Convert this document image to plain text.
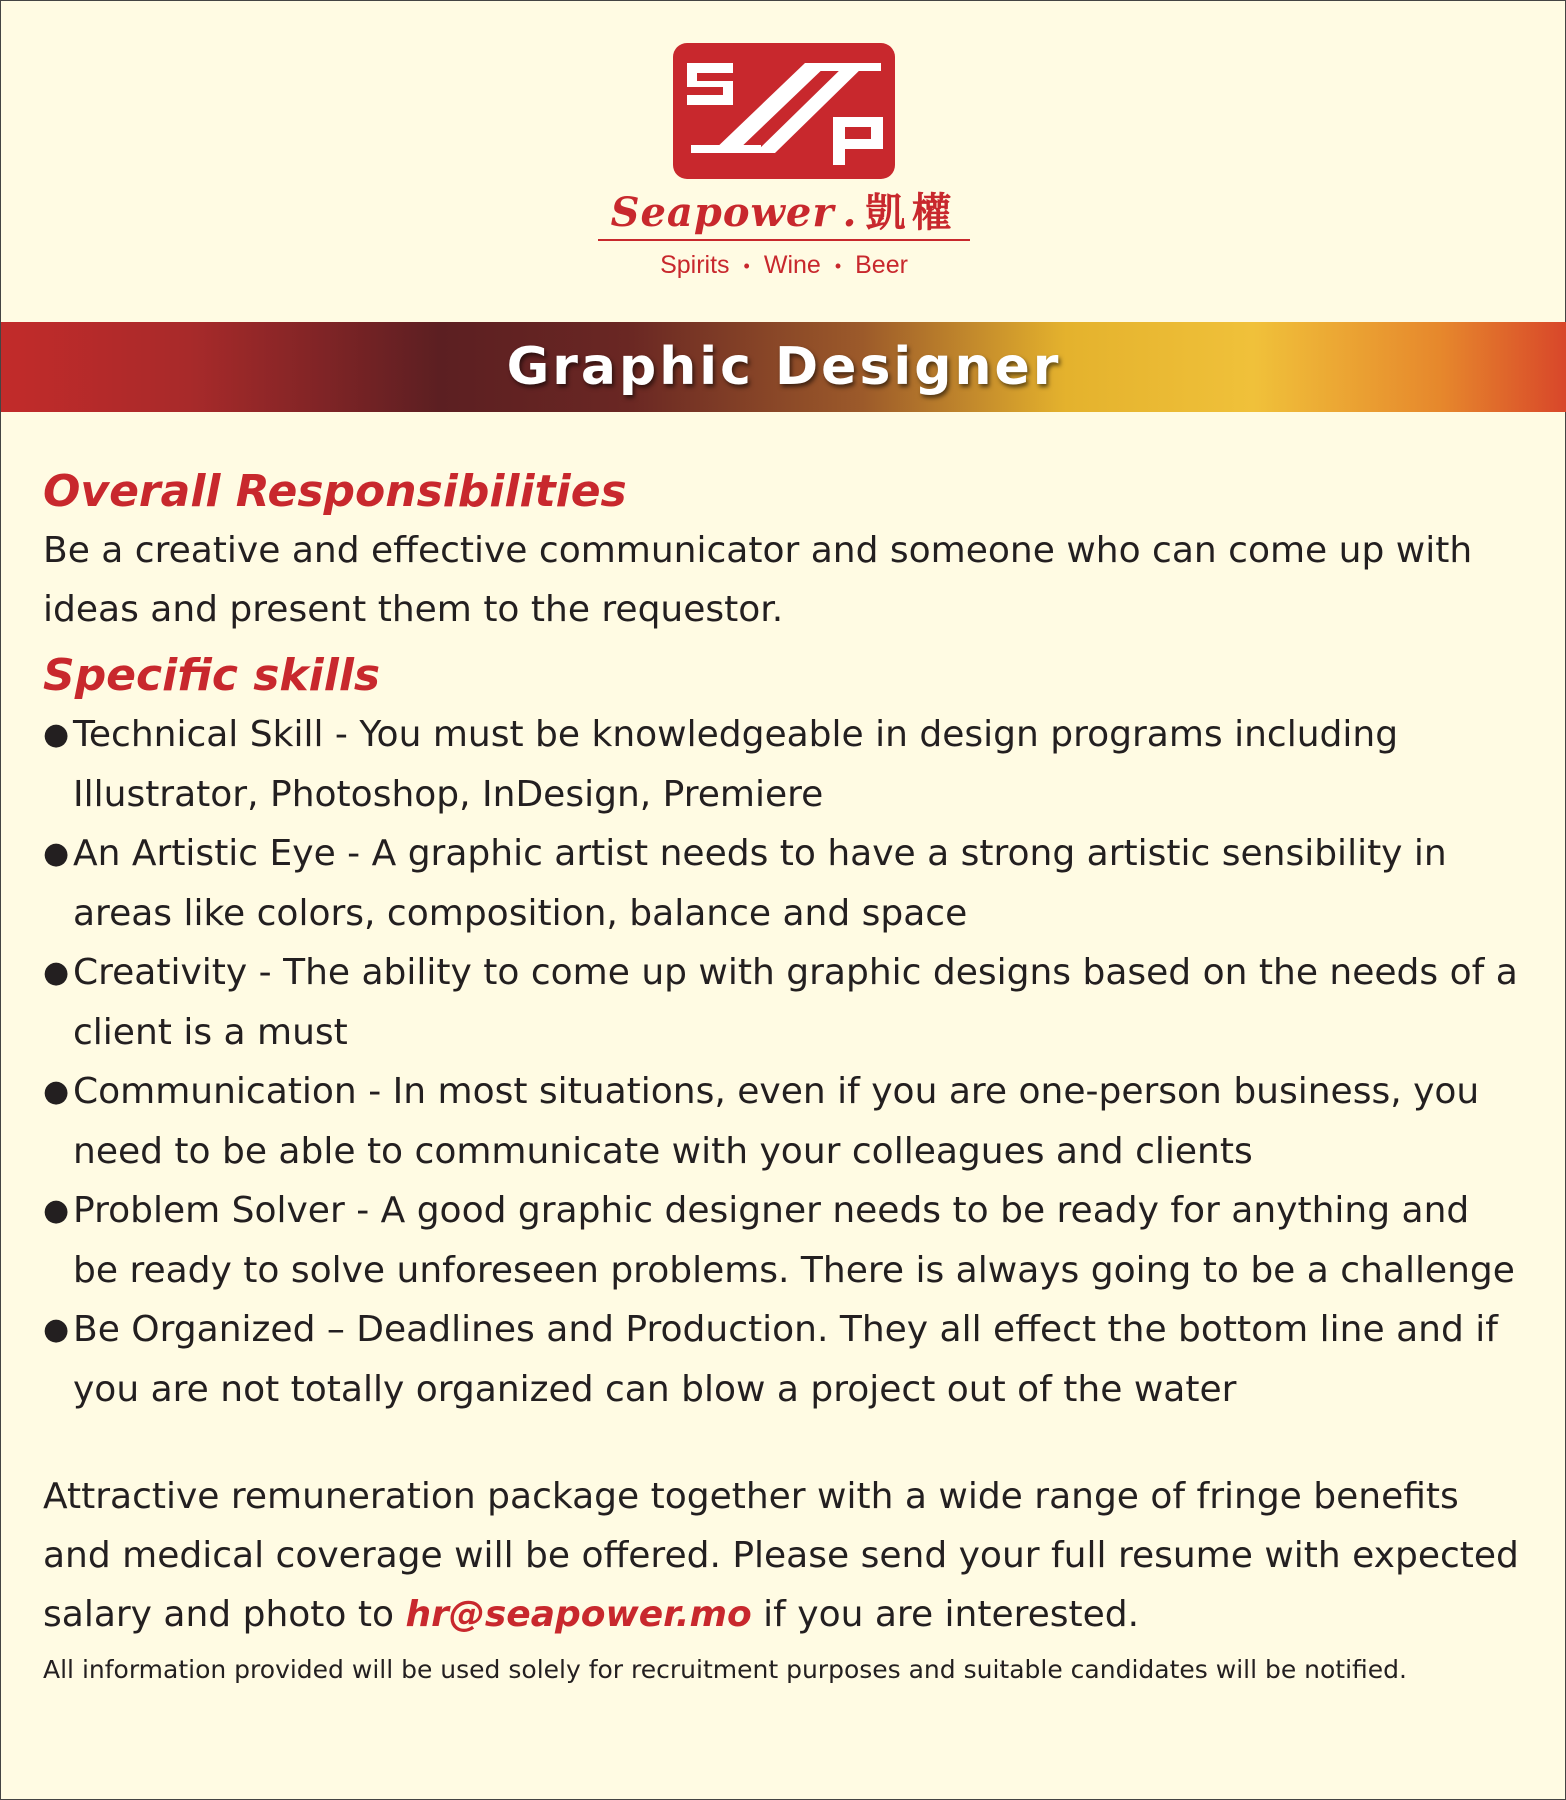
Seapower . 凱權
Spirits • Wine • Beer
Graphic Designer
Overall Responsibilities

Be a creative and effective communicator and someone who can come up with ideas and present them to the requestor.

Specific skills
● Technical Skill - You must be knowledgeable in design programs including Illustrator, Photoshop, InDesign, Premiere
● An Artistic Eye - A graphic artist needs to have a strong artistic sensibility in areas like colors, composition, balance and space
● Creativity - The ability to come up with graphic designs based on the needs of a client is a must
● Communication - In most situations, even if you are one-person business, you need to be able to communicate with your colleagues and clients
● Problem Solver - A good graphic designer needs to be ready for anything and be ready to solve unforeseen problems. There is always going to be a challenge
● Be Organized – Deadlines and Production. They all effect the bottom line and if you are not totally organized can blow a project out of the water

Attractive remuneration package together with a wide range of fringe benefits and medical coverage will be offered. Please send your full resume with expected salary and photo to hr@seapower.mo if you are interested.

All information provided will be used solely for recruitment purposes and suitable candidates will be notified.
